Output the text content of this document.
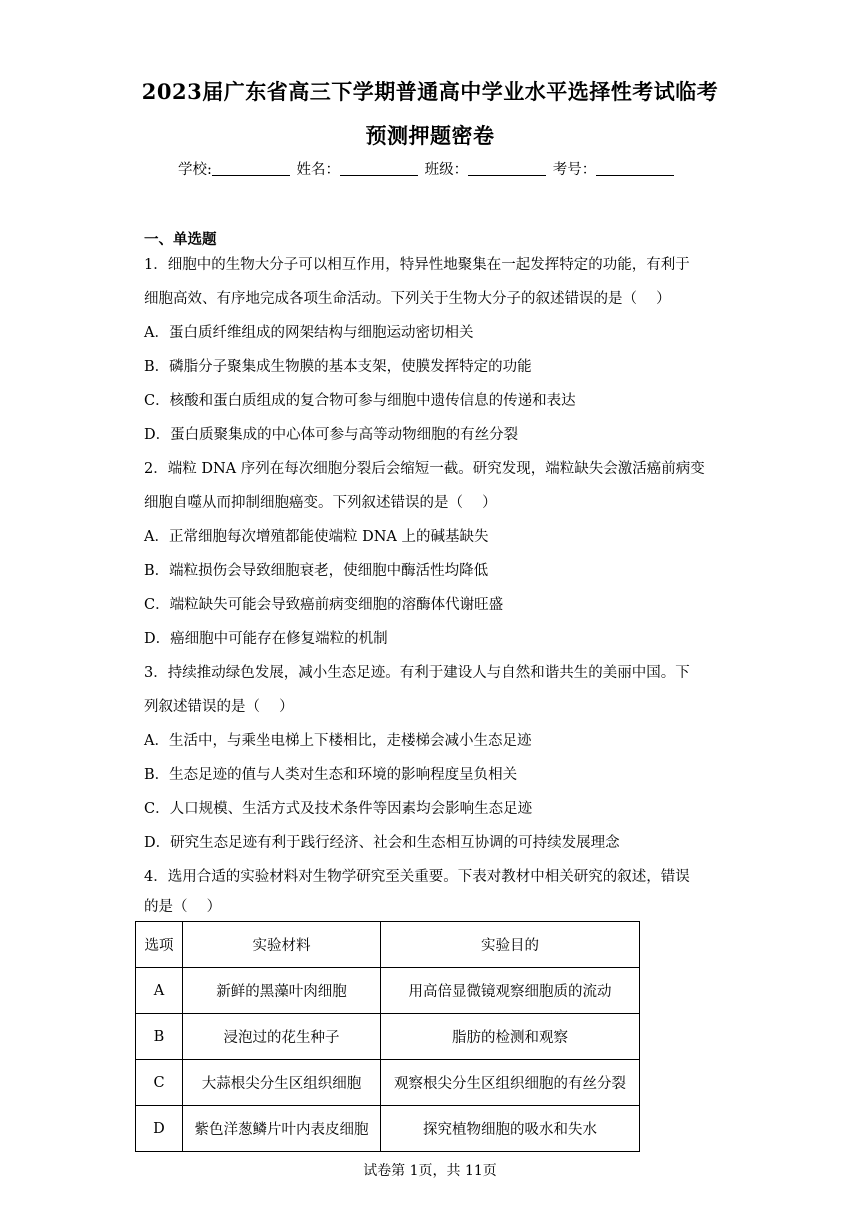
2023届广东省高三下学期普通高中学业水平选择性考试临考
预测押题密卷
学校:	姓名：	班级：	考号：
一、单选题
1．细胞中的生物大分子可以相互作用，特异性地聚集在一起发挥特定的功能，有利于
细胞高效、有序地完成各项生命活动。下列关于生物大分子的叙述错误的是（　 ）
A．蛋白质纤维组成的网架结构与细胞运动密切相关
B．磷脂分子聚集成生物膜的基本支架，使膜发挥特定的功能
C．核酸和蛋白质组成的复合物可参与细胞中遗传信息的传递和表达
D．蛋白质聚集成的中心体可参与高等动物细胞的有丝分裂
2．端粒 DNA 序列在每次细胞分裂后会缩短一截。研究发现，端粒缺失会激活癌前病变
细胞自噬从而抑制细胞癌变。下列叙述错误的是（　 ）
A．正常细胞每次增殖都能使端粒 DNA 上的碱基缺失
B．端粒损伤会导致细胞衰老，使细胞中酶活性均降低
C．端粒缺失可能会导致癌前病变细胞的溶酶体代谢旺盛
D．癌细胞中可能存在修复端粒的机制
3．持续推动绿色发展，减小生态足迹。有利于建设人与自然和谐共生的美丽中国。下
列叙述错误的是（　 ）
A．生活中，与乘坐电梯上下楼相比，走楼梯会减小生态足迹
B．生态足迹的值与人类对生态和环境的影响程度呈负相关
C．人口规模、生活方式及技术条件等因素均会影响生态足迹
D．研究生态足迹有利于践行经济、社会和生态相互协调的可持续发展理念
4．选用合适的实验材料对生物学研究至关重要。下表对教材中相关研究的叙述，错误
的是（　 ）
选项	实验材料	实验目的
A	新鲜的黑藻叶肉细胞	用高倍显微镜观察细胞质的流动
B	浸泡过的花生种子	脂肪的检测和观察
C	大蒜根尖分生区组织细胞	观察根尖分生区组织细胞的有丝分裂
D	紫色洋葱鳞片叶内表皮细胞	探究植物细胞的吸水和失水
试卷第 1页，共 11页
